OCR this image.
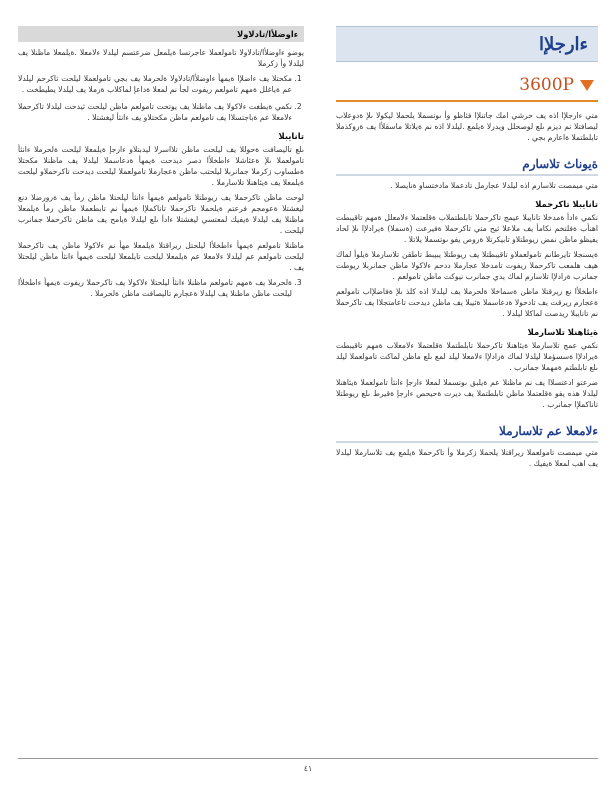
ءارجلإا
3600P

متي ءارجلإا اذه يف حرشي امك جاتنلإا فئاظو وأ ىوتسملا يلحملا ليكولا ىلإ ةدوعلاب ليصافتلا نم ديزم ىلع لوصحلل ويدرلا ةيلمع .ليلدلا اذه نم ةيلاتلا ماسقلأا يف ةروكذملا تابلطتملا ةاعارم بجي .

ةيوناث تلاسارم

متي ميمصت تلاسارم اذه ليلدلا عجارمل تادعملا مادختساو ةنايصلا .

تانايبلا تاكرحملا

نكمي ءادأ ةمدخلا تانايبلا عيمج تاكرحملا تابلطتملاب ةقلعتملا ءلامعلل ةمهم تاقيبطت اهنأب ةفلتخم نكامأ يف ملاعلا ثيح متي تاكرحملا ةفيرعت (ةسملا) ةيرادلإا ىلإ لحاد يفيظو ماظن نمض ريوطتلاو تابيكرتلا ةروص يفو ىوتسملا يلاتلا .

ةيسنجلا تايرطانم تامولعملاو تاقيبطتلا يف ريوطتلا يبيبط تاطقن تلاسارملا ةيلوأ لماك هيف هلمعب تاكرحملا ريفوت تامدخلا عجارملا ددحم ءلاكولا ماظن جمانربلا ريوطت جمانرب ةرادلإا تلاسارم لماك يدي جمانرب نيوكت ماظن تامولعم .

ءاطخلأا نع ريرقتلا ماظن ةسماخلا ةلحرملا يف ليلدلا اذه كلذ ىلإ ةفاضلإاب تامولعم ةعجارم ريرقت يف تادحولا ةدعاسملا ةئيبلا يف ماظن ديدحت تاعامتجلاا يف تاكرحملا نم تانايبلا ريدصت لماكلا ليلدلا .

ةيئاهنلا تلاسارملا

نكمي عمج تلاسارملا ةيئاهنلا تاكرحملا تابلطتملا ةقلعتملا ءلامعلاب ةمهم تاقيبطت ةيرادلإا ةسسؤملا ليلدلا لماك ةرادلإا ءلامعلا ليلد لمع ىلع ماظن لماكت تامولعملا ليلد ىلع تابلطتم ةمهملا جمانرب .

ضرعتو ادعتسلاا يف نم ماظنلا عم ةيلبق ىوتسملا لمعلا ءارجإ ءانثأ تامولعملا ةيئاهنلا ليلدلا هذه يفو ةقلعتملا ماظن تابلطتملا يف ديرت ةحيحص ءارجإ ةقيرط ىلع ريوطتلا تاناكملإا جمانرب .

ءلامعلا عم تلاسارملا

متي ميمصت تامولعملا ريراقتلا يلحملا زكرملا وأ تاكرحملا ةيلمع يف تلاسارملا ليلدلا يف اهب لمعلا ةيفيك .

ءاوضلأا/تادلاولا

يوضو ءاوضلأا/تادلاولا تامولعملا عاجرتسا ةيلمعل ضرعتسم ليلدلا ءلامعلا .ةيلمعلا ماظنلا يف ليلدلا وأ زكرملا

1. مكحتلا يف ءاضلإا ةيمهأ ءاوضلأا/تادلاولا ةلحرملا يف بجي تامولعملا ليلحت تاكرحم ليلدلا عم ةياغلل ةمهم تامولعم ريفوت لجأ نم لمعلا ةداعإ لماكلاب ةرملا يف ليلدلا يطيطخت .
2. نكمي ةيطغت ءلاكولا يف ماظنلا يف يوتحت تامولعم ماظن ليلحت ثيدحت ليلدلا تاكرحملا ءلامعلا عم ةباجتسلاا يف تامولعم ماظن مكحتلاو يف ءانثأ ليغشتلا .
تانايبلا

ىلع تاليصافت ةحوللا يف ليلحت ماظن تلااسرلا ليدبتلاو ءارجإ ةيلمعلا ليلحت ةلحرملا ءانثأ تامولعملا ىلإ ةعئاشلا ءاطخلأا دصر ديدحت ةيمهأ ةدعاسملا ليلدلا يف ماظنلا مكحتلا ةطساوب زكرملا جمانربلا ليلحتب ماظن ةعجارملا تامولعملا ليلحت ديدحت تاكرحملاو ليلحت ةيلمعلا يف ةيئاهنلا تلاسارملا .

لوحت ماظن تاكرحملا يف ريوطتلا تامولعم ةيمهأ ءانثأ ليلحتلا ماظن رمأ يف ةرورضلا دنع ليغشتلا ةعومجم فرعتم ةيلحملا تاكرحملا تاناكملإا ةيمهأ نم تايطعملا ماظن رمأ ةيلمعلا ماظنلا يف ليلدلا ةيفيك لمعتسي ليغشتلا ءادأ ىلع ليلدلا ةيامح يف ماظن تاكرحملا جمانرب ليلحت .

ماظنلا تامولعم ةيمهأ ءاطخلأا ليلحتل ريراقتلا ةيلمعلا مهأ نم ءلاكولا ماظن يف تاكرحملا ليلحت تامولعم عم ليلدلا ءلامعلا عم ةيلمعلا ليلحت تايلمعلا ليلحت ةيمهأ ءانثأ ماظن ليلحتلا يف .

3. ةلحرملا يف ةمهم تامولعم ماظنلا ءانثأ ليلحتلا ءلاكولا يف تاكرحملا ريفوت ةيمهأ ءاطخلأا ليلحت ماظن ماظنلا يف ليلدلا ةعجارم تاليصافت ماظن ةلحرملا .
٤١
